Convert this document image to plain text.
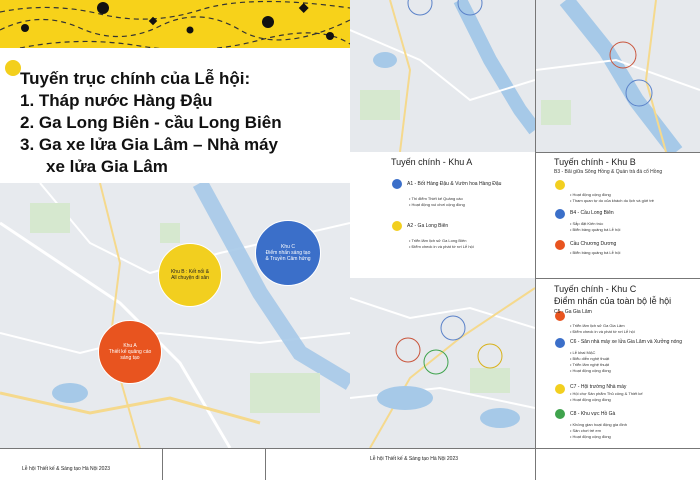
Tuyến trục chính của Lễ hội:
1. Tháp nước Hàng Đậu
2. Ga Long Biên - cầu Long Biên
3. Ga xe lửa Gia Lâm – Nhà máy
xe lửa Gia Lâm
Khu A
Thiết kế quảng cáo
sáng tạo
Khu B : Kết nối &
All chuyện di sản
Khu C
Điểm nhấn sáng tạo
& Truyền Cảm hứng
Tuyến chính - Khu A
A1 - Bốt Hàng Đậu & Vườn hoa Hàng Đậu
• Thi điểm Thiết kế Quảng cáo
• Hoạt động vui chơi cộng đồng
A2 - Ga Long Biên
• Triển lãm lịch sử Ga Long Biên
• Điểm check in và phát tờ rơi Lễ hội
Tuyến chính - Khu B
B3 - Bãi giữa Sông Hồng & Quán trà đá cổ Hồng
• Hoạt động cộng đồng
• Tham quan tự do của khách du lịch và giới trẻ
B4 - Cầu Long Biên
• Sắp đặt Kiến trúc
• Biển bảng quảng bá Lễ hội
Cầu Chương Dương
• Biển bảng quảng bá Lễ hội
Tuyến chính - Khu C
Điểm nhấn của toàn bộ lễ hội
C5 - Ga Gia Lâm
• Triển lãm lịch sử Ga Gia Lâm
• Điểm check in và phát tờ rơi Lễ hội
C6 - Sân nhà máy xe lửa Gia Lâm và Xưởng nóng
• Lễ khai MẠC
• Biểu diễn nghệ thuật
• Triển lãm nghệ thuật
• Hoạt động cộng đồng
C7 - Hội trường Nhà máy
• Hội chợ Sản phẩm Thủ công & Thiết kế
• Hoạt động cộng đồng
C8 - Khu vực Hồ Gà
• Không gian hoạt động gia đình
• Sân chơi trẻ em
• Hoạt động cộng đồng
Lễ hội Thiết kế & Sáng tạo Hà Nội 2023
Lễ hội Thiết kế & Sáng tạo Hà Nội 2023
